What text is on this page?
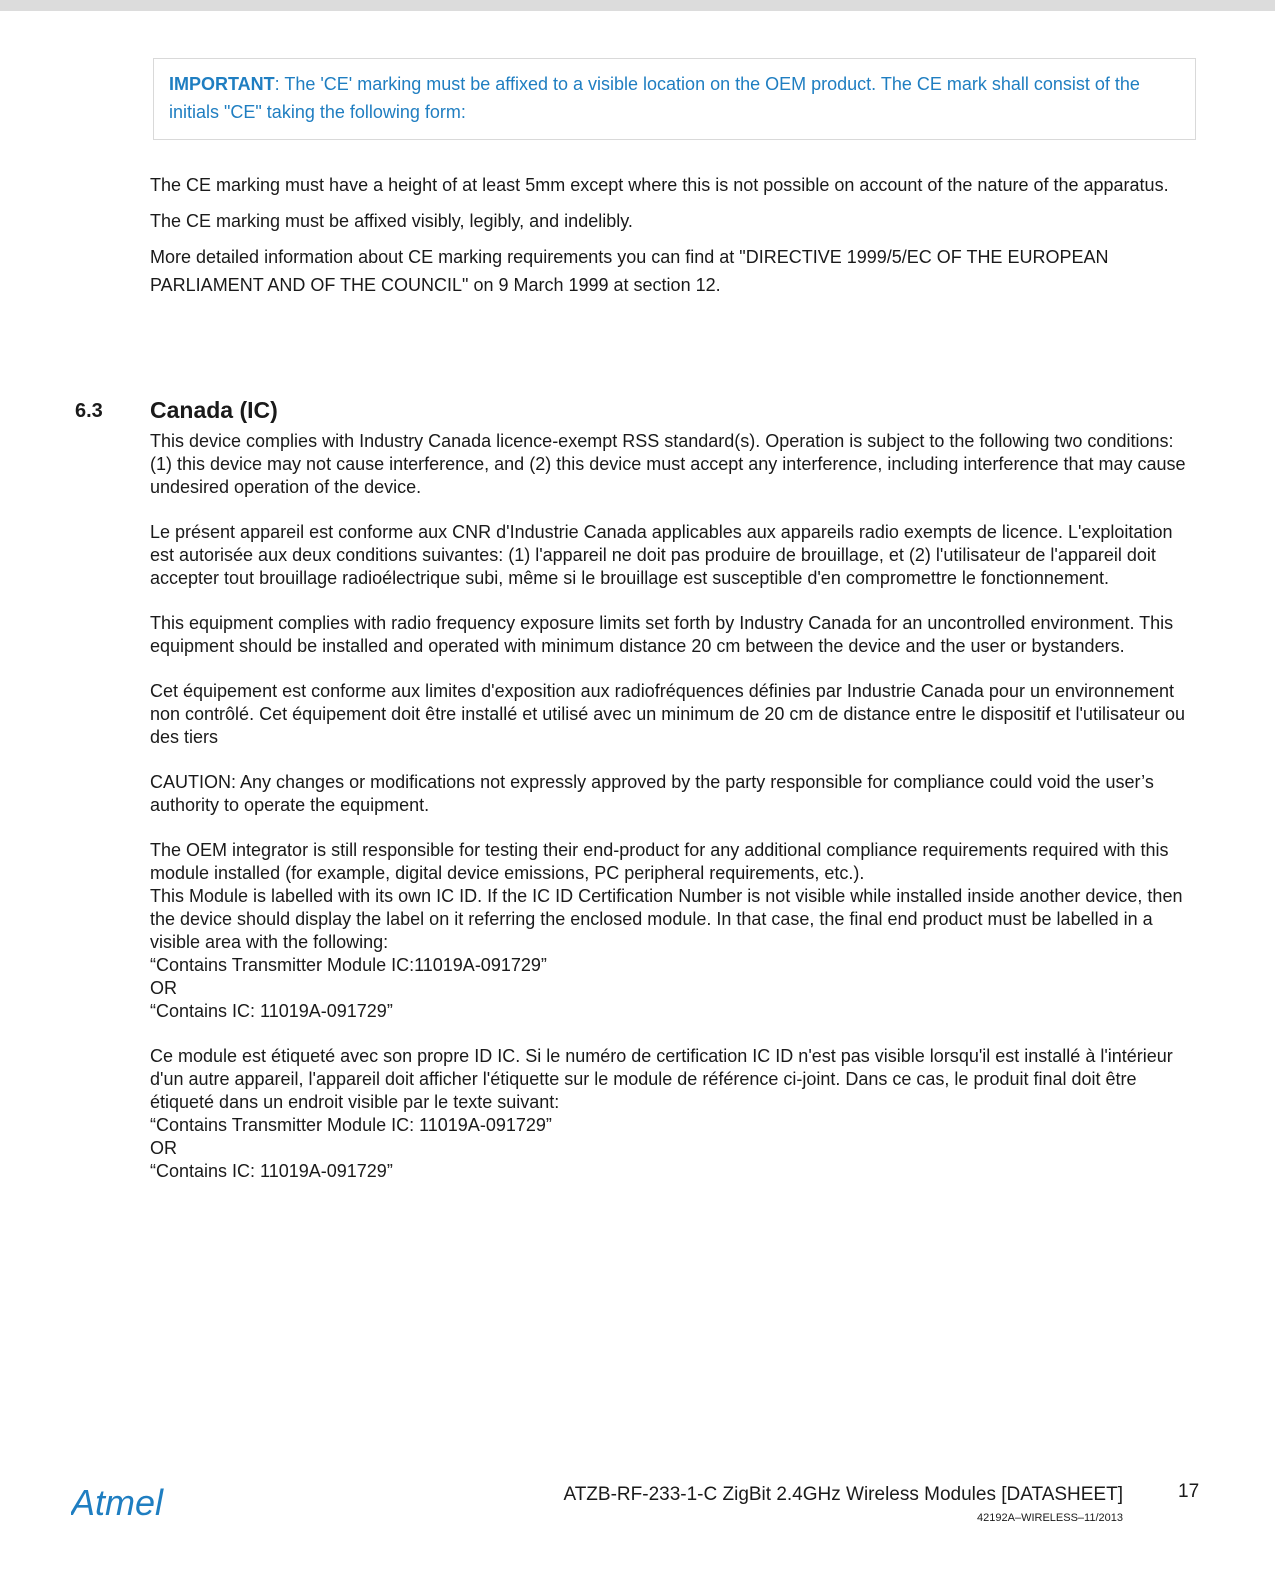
IMPORTANT: The 'CE' marking must be affixed to a visible location on the OEM product. The CE mark shall consist of the initials "CE" taking the following form:

The CE marking must have a height of at least 5mm except where this is not possible on account of the nature of the apparatus.

The CE marking must be affixed visibly, legibly, and indelibly.

More detailed information about CE marking requirements you can find at "DIRECTIVE 1999/5/EC OF THE EUROPEAN PARLIAMENT AND OF THE COUNCIL" on 9 March 1999 at section 12.

6.3 Canada (IC)

This device complies with Industry Canada licence-exempt RSS standard(s). Operation is subject to the following two conditions: (1) this device may not cause interference, and (2) this device must accept any interference, including interference that may cause undesired operation of the device.

Le présent appareil est conforme aux CNR d'Industrie Canada applicables aux appareils radio exempts de licence. L'exploitation est autorisée aux deux conditions suivantes: (1) l'appareil ne doit pas produire de brouillage, et (2) l'utilisateur de l'appareil doit accepter tout brouillage radioélectrique subi, même si le brouillage est susceptible d'en compromettre le fonctionnement.

This equipment complies with radio frequency exposure limits set forth by Industry Canada for an uncontrolled environment. This equipment should be installed and operated with minimum distance 20 cm between the device and the user or bystanders.

Cet équipement est conforme aux limites d'exposition aux radiofréquences définies par Industrie Canada pour un environnement non contrôlé. Cet équipement doit être installé et utilisé avec un minimum de 20 cm de distance entre le dispositif et l'utilisateur ou des tiers

CAUTION: Any changes or modifications not expressly approved by the party responsible for compliance could void the user’s authority to operate the equipment.

The OEM integrator is still responsible for testing their end-product for any additional compliance requirements required with this module installed (for example, digital device emissions, PC peripheral requirements, etc.).
This Module is labelled with its own IC ID. If the IC ID Certification Number is not visible while installed inside another device, then the device should display the label on it referring the enclosed module. In that case, the final end product must be labelled in a visible area with the following:
“Contains Transmitter Module IC:11019A-091729”
OR
“Contains IC: 11019A-091729”

Ce module est étiqueté avec son propre ID IC. Si le numéro de certification IC ID n'est pas visible lorsqu'il est installé à l'intérieur d'un autre appareil, l'appareil doit afficher l'étiquette sur le module de référence ci-joint. Dans ce cas, le produit final doit être étiqueté dans un endroit visible par le texte suivant:
“Contains Transmitter Module IC: 11019A-091729”
OR
“Contains IC: 11019A-091729”

Atmel	ATZB-RF-233-1-C ZigBit 2.4GHz Wireless Modules [DATASHEET]
42192A–WIRELESS–11/2013
17
